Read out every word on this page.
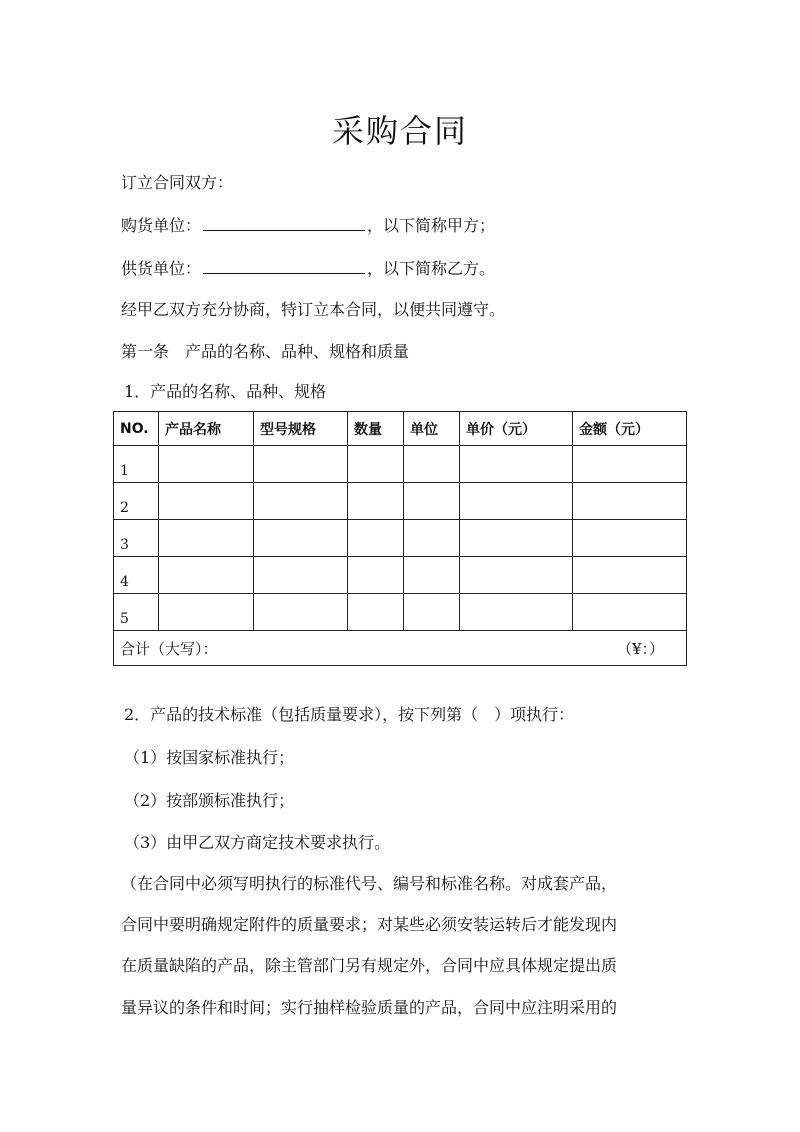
采购合同
订立合同双方：
购货单位：	，以下简称甲方；
供货单位：	，以下简称乙方。
经甲乙双方充分协商，特订立本合同，以便共同遵守。
第一条　产品的名称、品种、规格和质量
1．产品的名称、品种、规格
NO.	产品名称	型号规格	数量	单位	单价（元）	金额（元）
1						
2						
3						
4						
5						

合计（大写）： （¥：）						
2．产品的技术标准（包括质量要求），按下列第（　）项执行：
（1）按国家标准执行；
（2）按部颁标准执行；
（3）由甲乙双方商定技术要求执行。
（在合同中必须写明执行的标准代号、编号和标准名称。对成套产品，
合同中要明确规定附件的质量要求；对某些必须安装运转后才能发现内
在质量缺陷的产品，除主管部门另有规定外，合同中应具体规定提出质
量异议的条件和时间；实行抽样检验质量的产品，合同中应注明采用的
